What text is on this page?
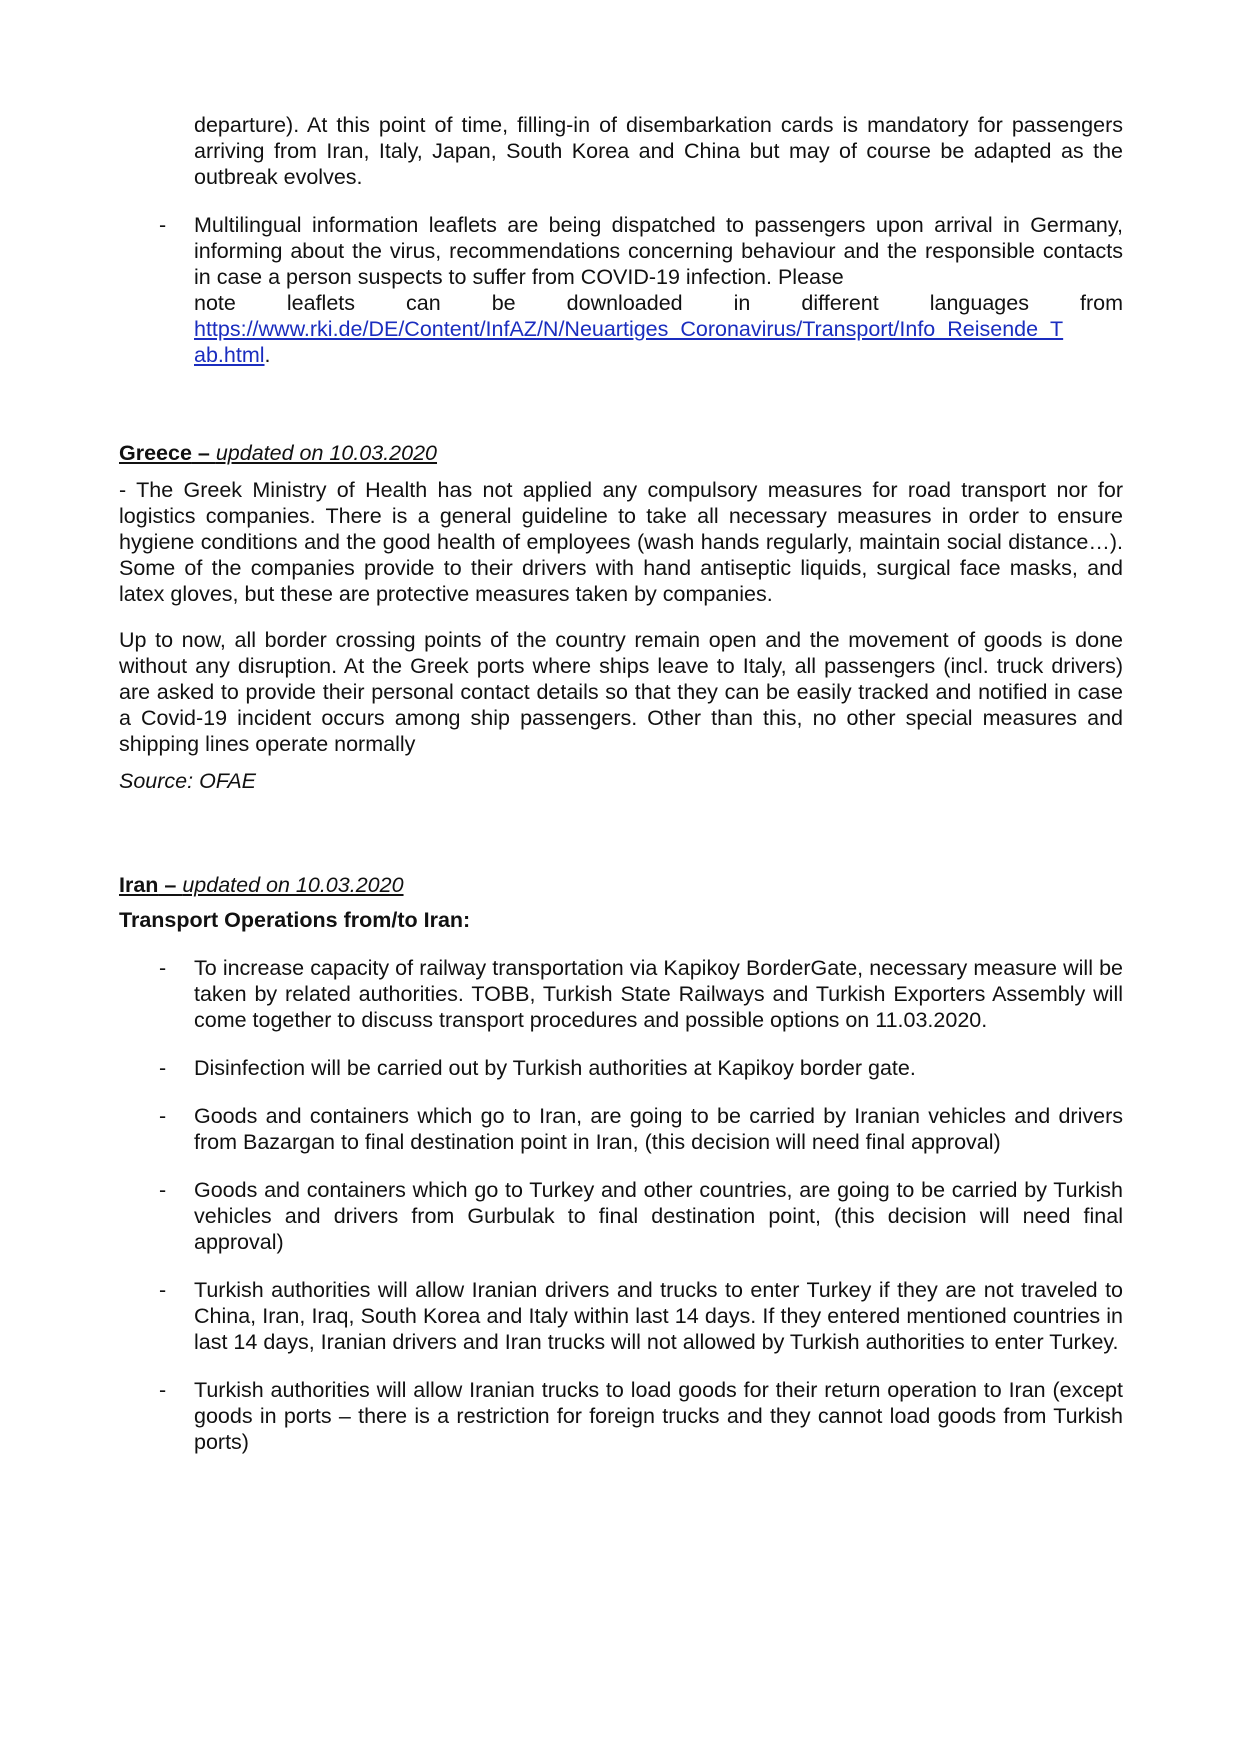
departure). At this point of time, filling-in of disembarkation cards is mandatory for passengers arriving from Iran, Italy, Japan, South Korea and China but may of course be adapted as the outbreak evolves.

- Multilingual information leaflets are being dispatched to passengers upon arrival in Germany, informing about the virus, recommendations concerning behaviour and the responsible contacts in case a person suspects to suffer from COVID-19 infection. Please

note leaflets can be downloaded in different languages from

https://www.rki.de/DE/Content/InfAZ/N/Neuartiges_Coronavirus/Transport/Info_Reisende_T

ab.html.

Greece – updated on 10.03.2020

- The Greek Ministry of Health has not applied any compulsory measures for road transport nor for logistics companies. There is a general guideline to take all necessary measures in order to ensure hygiene conditions and the good health of employees (wash hands regularly, maintain social distance…). Some of the companies provide to their drivers with hand antiseptic liquids, surgical face masks, and latex gloves, but these are protective measures taken by companies.

Up to now, all border crossing points of the country remain open and the movement of goods is done without any disruption. At the Greek ports where ships leave to Italy, all passengers (incl. truck drivers) are asked to provide their personal contact details so that they can be easily tracked and notified in case a Covid-19 incident occurs among ship passengers. Other than this, no other special measures and shipping lines operate normally

Source: OFAE

Iran – updated on 10.03.2020

Transport Operations from/to Iran:

- To increase capacity of railway transportation via Kapikoy BorderGate, necessary measure will be taken by related authorities. TOBB, Turkish State Railways and Turkish Exporters Assembly will come together to discuss transport procedures and possible options on 11.03.2020.

- Disinfection will be carried out by Turkish authorities at Kapikoy border gate.

- Goods and containers which go to Iran, are going to be carried by Iranian vehicles and drivers from Bazargan to final destination point in Iran, (this decision will need final approval)

- Goods and containers which go to Turkey and other countries, are going to be carried by Turkish vehicles and drivers from Gurbulak to final destination point, (this decision will need final approval)

- Turkish authorities will allow Iranian drivers and trucks to enter Turkey if they are not traveled to China, Iran, Iraq, South Korea and Italy within last 14 days. If they entered mentioned countries in last 14 days, Iranian drivers and Iran trucks will not allowed by Turkish authorities to enter Turkey.

- Turkish authorities will allow Iranian trucks to load goods for their return operation to Iran (except goods in ports – there is a restriction for foreign trucks and they cannot load goods from Turkish ports)
